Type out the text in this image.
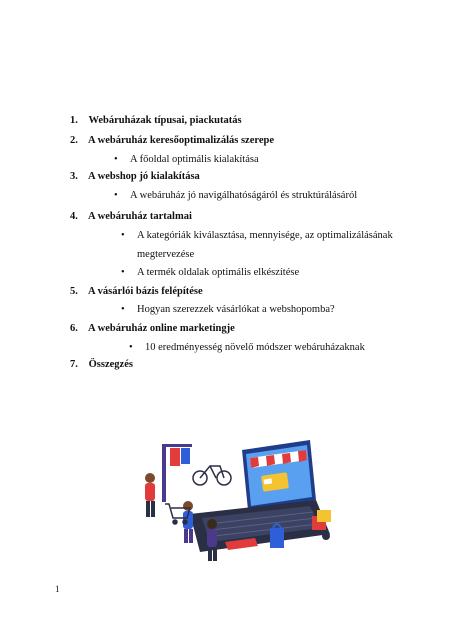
1. Webáruházak típusai, piackutatás
2. A webáruház keresőoptimalizálás szerepe
• A főoldal optimális kialakítása
3. A webshop jó kialakítása
• A webáruház jó navigálhatóságáról és struktúrálásáról
4. A webáruház tartalmai
• A kategóriák kiválasztása, mennyisége, az optimalizálásának
megtervezése
• A termék oldalak optimális elkészítése
5. A vásárlói bázis felépítése
• Hogyan szerezzek vásárlókat a webshopomba?
6. A webáruház online marketingje
• 10 eredményesség növelő módszer webáruházaknak
7. Összegzés
1
